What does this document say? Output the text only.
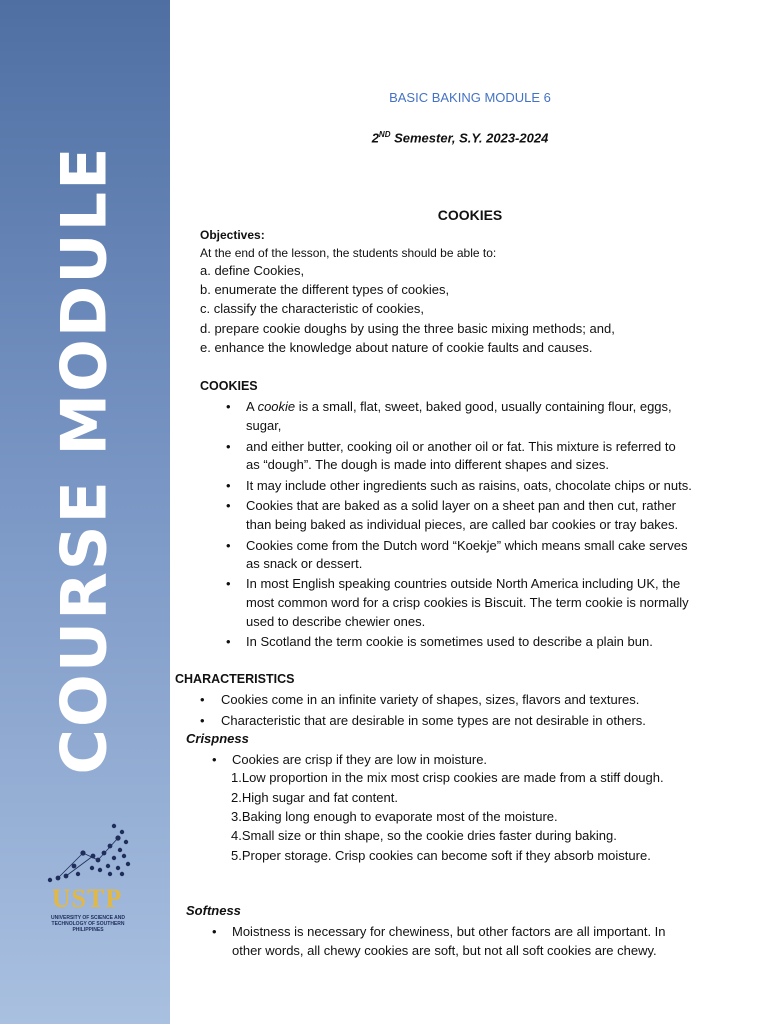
COURSE MODULE
USTP
UNIVERSITY OF SCIENCE AND TECHNOLOGY OF SOUTHERN PHILIPPINES
BASIC BAKING MODULE 6
2ND Semester, S.Y. 2023-2024
COOKIES
Objectives:
At the end of the lesson, the students should be able to:
a. define Cookies,
b. enumerate the different types of cookies,
c. classify the characteristic of cookies,
d. prepare cookie doughs by using the three basic mixing methods; and,
e. enhance the knowledge about nature of cookie faults and causes.
COOKIES
• A cookie is a small, flat, sweet, baked good, usually containing flour, eggs,
sugar,
• and either butter, cooking oil or another oil or fat. This mixture is referred to
as “dough”. The dough is made into different shapes and sizes.
• It may include other ingredients such as raisins, oats, chocolate chips or nuts.
• Cookies that are baked as a solid layer on a sheet pan and then cut, rather
than being baked as individual pieces, are called bar cookies or tray bakes.
• Cookies come from the Dutch word “Koekje” which means small cake serves
as snack or dessert.
• In most English speaking countries outside North America including UK, the
most common word for a crisp cookies is Biscuit. The term cookie is normally
used to describe chewier ones.
• In Scotland the term cookie is sometimes used to describe a plain bun.
CHARACTERISTICS
• Cookies come in an infinite variety of shapes, sizes, flavors and textures.
• Characteristic that are desirable in some types are not desirable in others.
Crispness
• Cookies are crisp if they are low in moisture.
1.Low proportion in the mix most crisp cookies are made from a stiff dough.
2.High sugar and fat content.
3.Baking long enough to evaporate most of the moisture.
4.Small size or thin shape, so the cookie dries faster during baking.
5.Proper storage. Crisp cookies can become soft if they absorb moisture.
Softness
• Moistness is necessary for chewiness, but other factors are all important. In
other words, all chewy cookies are soft, but not all soft cookies are chewy.
